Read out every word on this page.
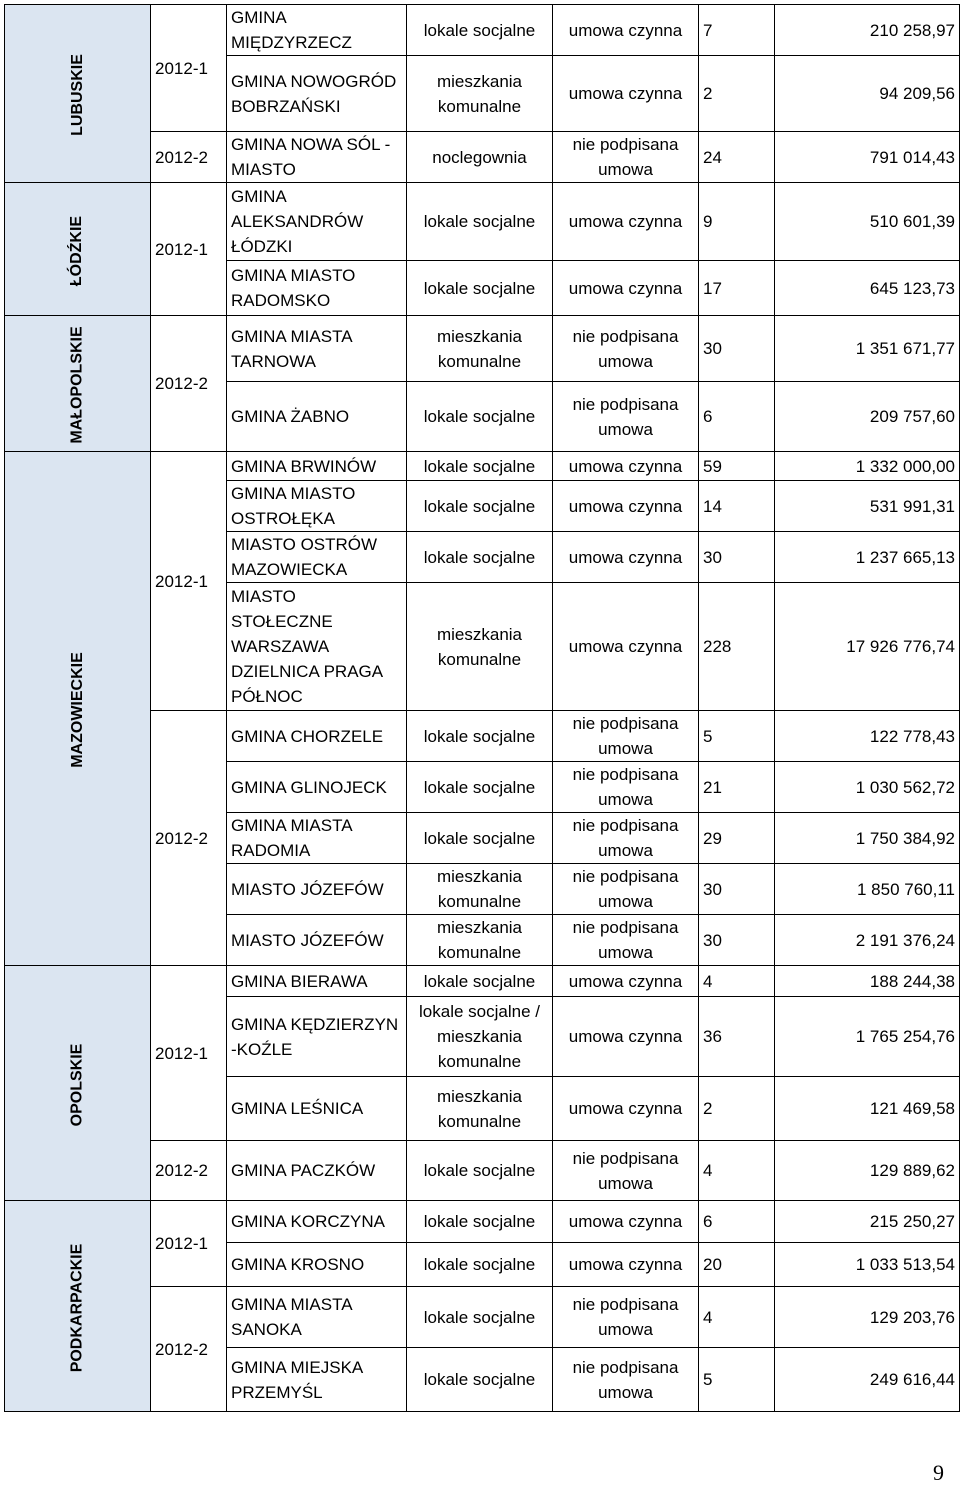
LUBUSKIE	2012-1	GMINA MIĘDZYRZECZ	lokale socjalne	umowa czynna	7	210 258,97
		GMINA NOWOGRÓD BOBRZAŃSKI	mieszkania komunalne	umowa czynna	2	94 209,56
	2012-2	GMINA NOWA SÓL - MIASTO	noclegownia	nie podpisana umowa	24	791 014,43
ŁÓDŹKIE	2012-1	GMINA ALEKSANDRÓW ŁÓDZKI	lokale socjalne	umowa czynna	9	510 601,39
		GMINA MIASTO RADOMSKO	lokale socjalne	umowa czynna	17	645 123,73
MAŁOPOLSKIE	2012-2	GMINA MIASTA TARNOWA	mieszkania komunalne	nie podpisana umowa	30	1 351 671,77
		GMINA ŻABNO	lokale socjalne	nie podpisana umowa	6	209 757,60
MAZOWIECKIE	2012-1	GMINA BRWINÓW	lokale socjalne	umowa czynna	59	1 332 000,00
		GMINA MIASTO OSTROŁĘKA	lokale socjalne	umowa czynna	14	531 991,31
		MIASTO OSTRÓW MAZOWIECKA	lokale socjalne	umowa czynna	30	1 237 665,13
		MIASTO STOŁECZNE WARSZAWA DZIELNICA PRAGA PÓŁNOC	mieszkania komunalne	umowa czynna	228	17 926 776,74
	2012-2	GMINA CHORZELE	lokale socjalne	nie podpisana umowa	5	122 778,43
		GMINA GLINOJECK	lokale socjalne	nie podpisana umowa	21	1 030 562,72
		GMINA MIASTA RADOMIA	lokale socjalne	nie podpisana umowa	29	1 750 384,92
		MIASTO JÓZEFÓW	mieszkania komunalne	nie podpisana umowa	30	1 850 760,11
		MIASTO JÓZEFÓW	mieszkania komunalne	nie podpisana umowa	30	2 191 376,24
OPOLSKIE	2012-1	GMINA BIERAWA	lokale socjalne	umowa czynna	4	188 244,38
		GMINA KĘDZIERZYN -KOŹLE	lokale socjalne / mieszkania komunalne	umowa czynna	36	1 765 254,76
		GMINA LEŚNICA	mieszkania komunalne	umowa czynna	2	121 469,58
	2012-2	GMINA PACZKÓW	lokale socjalne	nie podpisana umowa	4	129 889,62
PODKARPACKIE	2012-1	GMINA KORCZYNA	lokale socjalne	umowa czynna	6	215 250,27
		GMINA KROSNO	lokale socjalne	umowa czynna	20	1 033 513,54
	2012-2	GMINA MIASTA SANOKA	lokale socjalne	nie podpisana umowa	4	129 203,76
		GMINA MIEJSKA PRZEMYŚL	lokale socjalne	nie podpisana umowa	5	249 616,44
9
